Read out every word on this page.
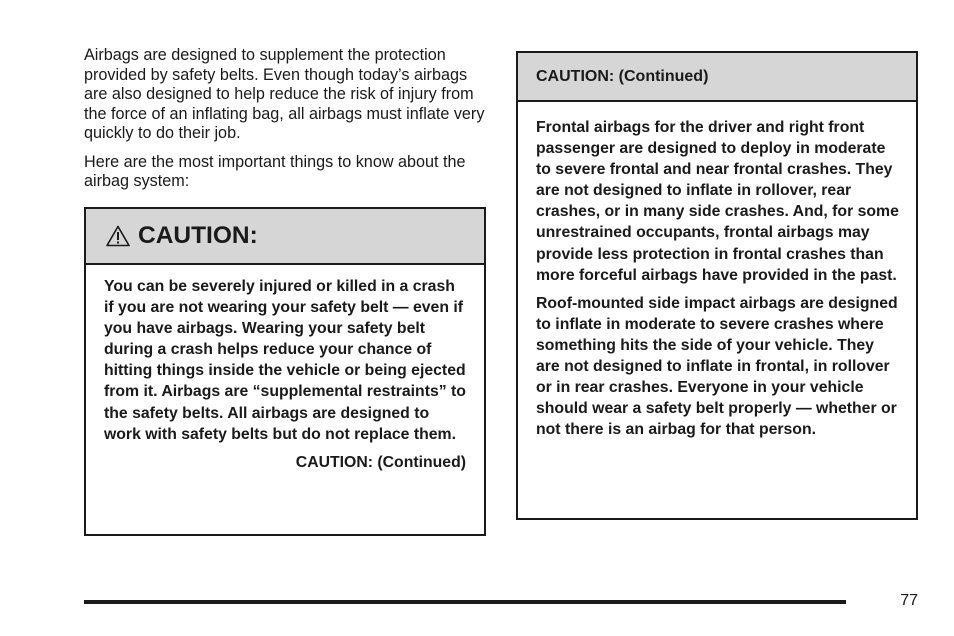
Airbags are designed to supplement the protection provided by safety belts. Even though today’s airbags are also designed to help reduce the risk of injury from the force of an inflating bag, all airbags must inflate very quickly to do their job.

Here are the most important things to know about the airbag system:

CAUTION:

You can be severely injured or killed in a crash if you are not wearing your safety belt — even if you have airbags. Wearing your safety belt during a crash helps reduce your chance of hitting things inside the vehicle or being ejected from it. Airbags are “supplemental restraints” to the safety belts. All airbags are designed to work with safety belts but do not replace them.

CAUTION: (Continued)
CAUTION: (Continued)

Frontal airbags for the driver and right front passenger are designed to deploy in moderate to severe frontal and near frontal crashes. They are not designed to inflate in rollover, rear crashes, or in many side crashes. And, for some unrestrained occupants, frontal airbags may provide less protection in frontal crashes than more forceful airbags have provided in the past.

Roof-mounted side impact airbags are designed to inflate in moderate to severe crashes where something hits the side of your vehicle. They are not designed to inflate in frontal, in rollover or in rear crashes. Everyone in your vehicle should wear a safety belt properly — whether or not there is an airbag for that person.

77
